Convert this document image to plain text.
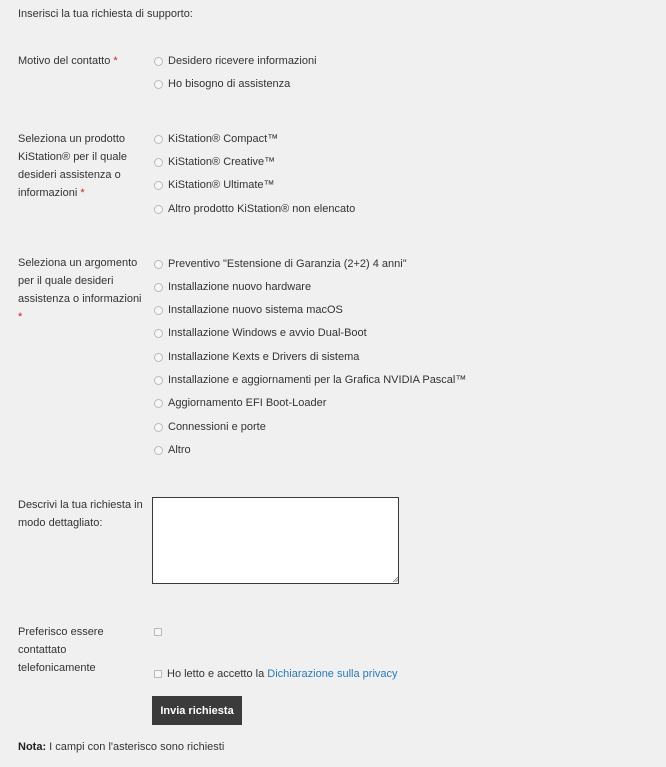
Inserisci la tua richiesta di supporto:
Motivo del contatto *	Desidero ricevere informazioni
Ho bisogno di assistenza
Seleziona un prodotto KiStation® per il quale desideri assistenza o informazioni *
KiStation® Compact™
KiStation® Creative™
KiStation® Ultimate™
Altro prodotto KiStation® non elencato
Seleziona un argomento per il quale desideri assistenza o informazioni *
Preventivo "Estensione di Garanzia (2+2) 4 anni"
Installazione nuovo hardware
Installazione nuovo sistema macOS
Installazione Windows e avvio Dual-Boot
Installazione Kexts e Drivers di sistema
Installazione e aggiornamenti per la Grafica NVIDIA Pascal™
Aggiornamento EFI Boot-Loader
Connessioni e porte
Altro
Descrivi la tua richiesta in modo dettagliato:
Preferisco essere contattato telefonicamente	Ho letto e accetto la Dichiarazione sulla privacy
Invia richiesta
Nota: I campi con l'asterisco sono richiesti
